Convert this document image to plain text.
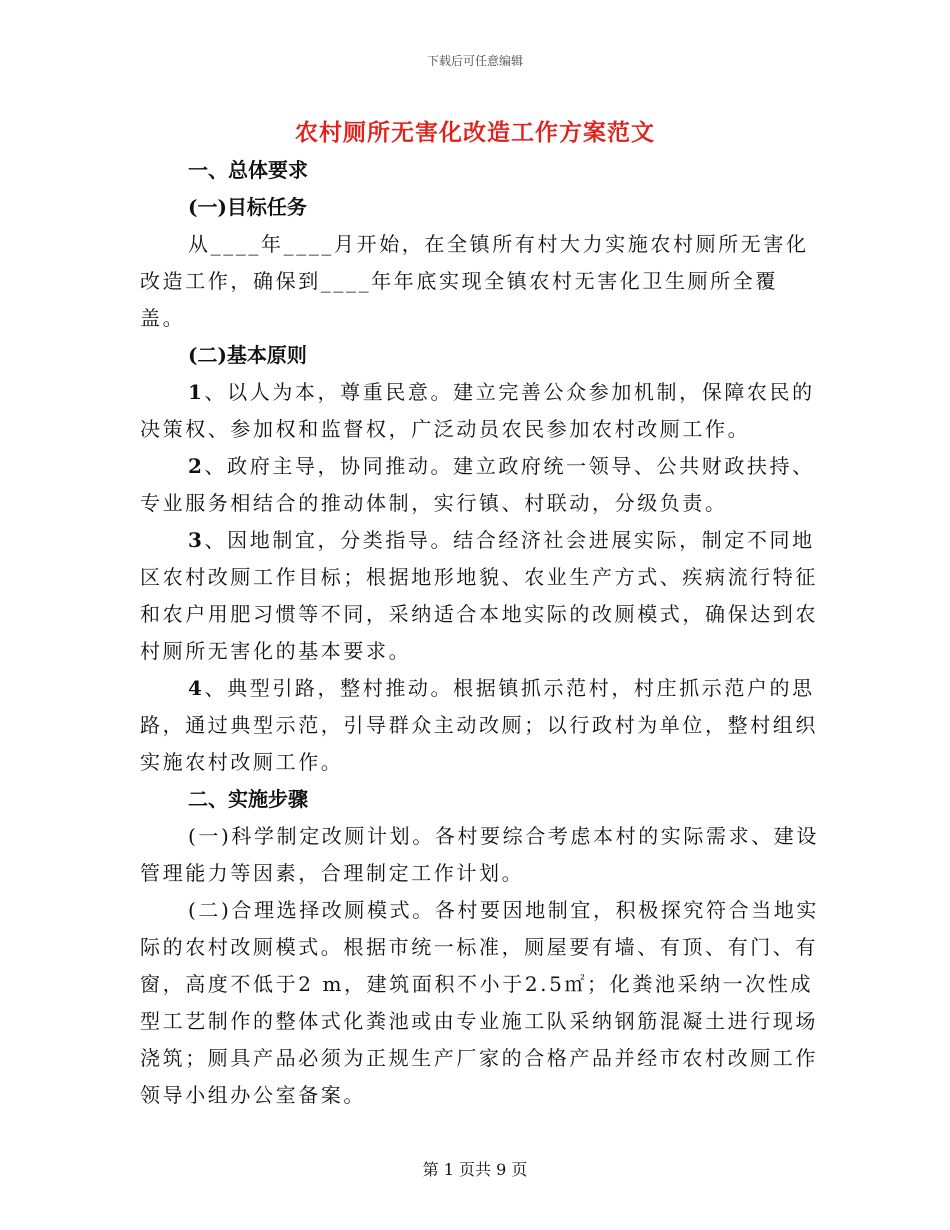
下载后可任意编辑
农村厕所无害化改造工作方案范文

一、总体要求

(一)目标任务

从____年____月开始，在全镇所有村大力实施农村厕所无害化改造工作，确保到____年年底实现全镇农村无害化卫生厕所全覆盖。

(二)基本原则

1、以人为本，尊重民意。建立完善公众参加机制，保障农民的决策权、参加权和监督权，广泛动员农民参加农村改厕工作。

2、政府主导，协同推动。建立政府统一领导、公共财政扶持、专业服务相结合的推动体制，实行镇、村联动，分级负责。

3、因地制宜，分类指导。结合经济社会进展实际，制定不同地区农村改厕工作目标；根据地形地貌、农业生产方式、疾病流行特征和农户用肥习惯等不同，采纳适合本地实际的改厕模式，确保达到农村厕所无害化的基本要求。

4、典型引路，整村推动。根据镇抓示范村，村庄抓示范户的思路，通过典型示范，引导群众主动改厕；以行政村为单位，整村组织实施农村改厕工作。

二、实施步骤

(一)科学制定改厕计划。各村要综合考虑本村的实际需求、建设管理能力等因素，合理制定工作计划。

(二)合理选择改厕模式。各村要因地制宜，积极探究符合当地实际的农村改厕模式。根据市统一标准，厕屋要有墙、有顶、有门、有窗，高度不低于2 m，建筑面积不小于2.5㎡；化粪池采纳一次性成型工艺制作的整体式化粪池或由专业施工队采纳钢筋混凝土进行现场浇筑；厕具产品必须为正规生产厂家的合格产品并经市农村改厕工作领导小组办公室备案。

第 1 页共 9 页
